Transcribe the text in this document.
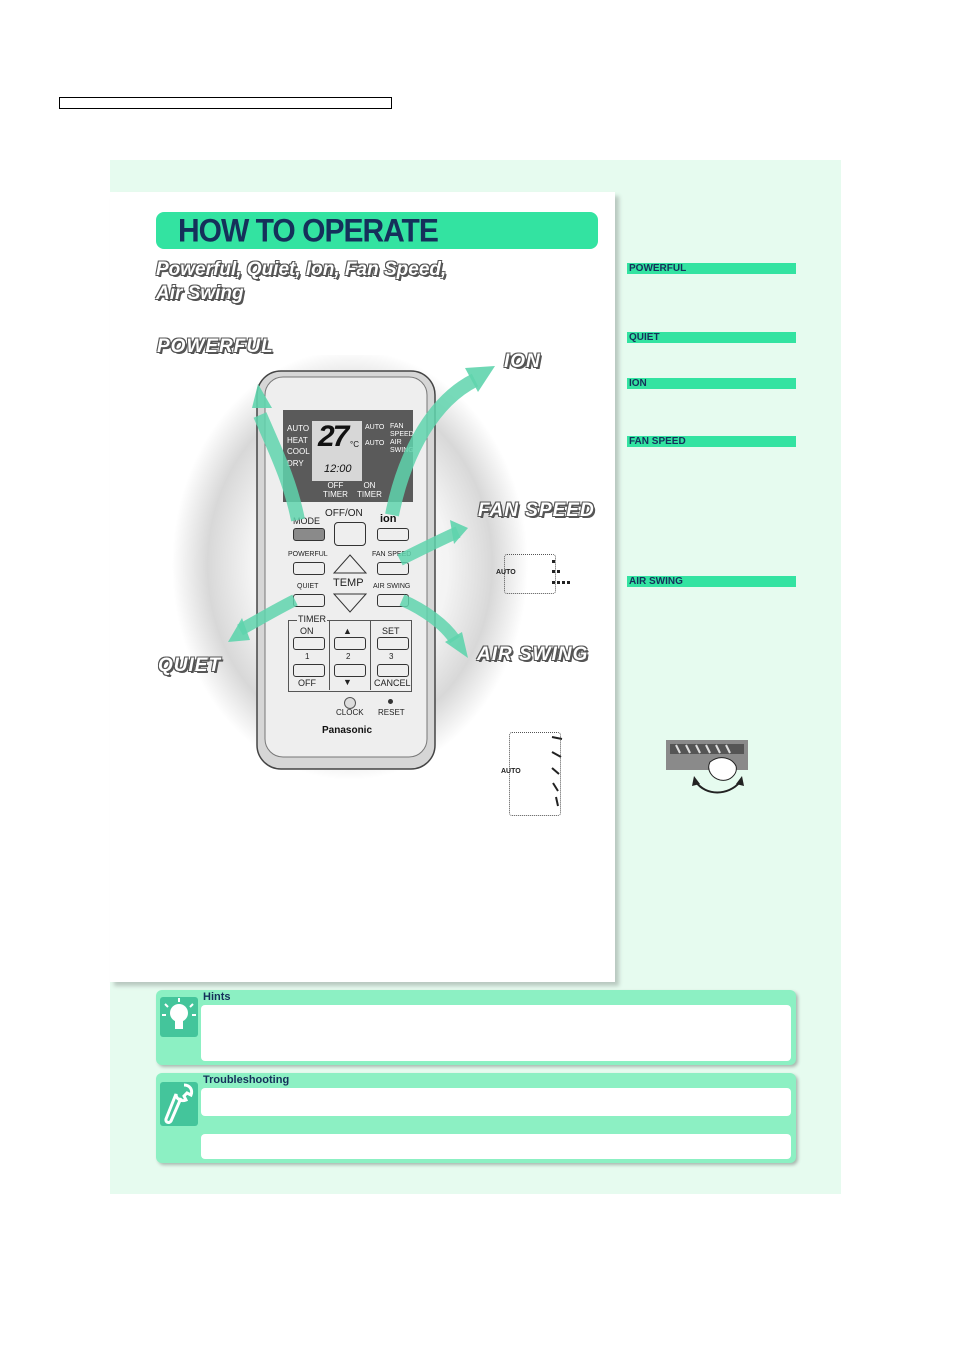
HOW TO OPERATE
Powerful, Quiet, Ion, Fan Speed,
Air Swing
AUTO
HEAT
COOL
DRY
27 °C
12:00
AUTO
AUTO
FAN
SPEED
AIR
SWING
OFF
TIMER
ON
TIMER
MODE
OFF/ON ion
POWERFUL	FAN SPEED
TEMP
QUIET	AIR SWING
TIMER
ON	SET
▲
1	2	3
OFF	▼ CANCEL
CLOCK RESET
Panasonic
POWERFUL
ION
FAN SPEED
AIR SWING
QUIET
AUTO
AUTO
POWERFUL
QUIET
ION
FAN SPEED
AIR SWING
Hints
Troubleshooting
